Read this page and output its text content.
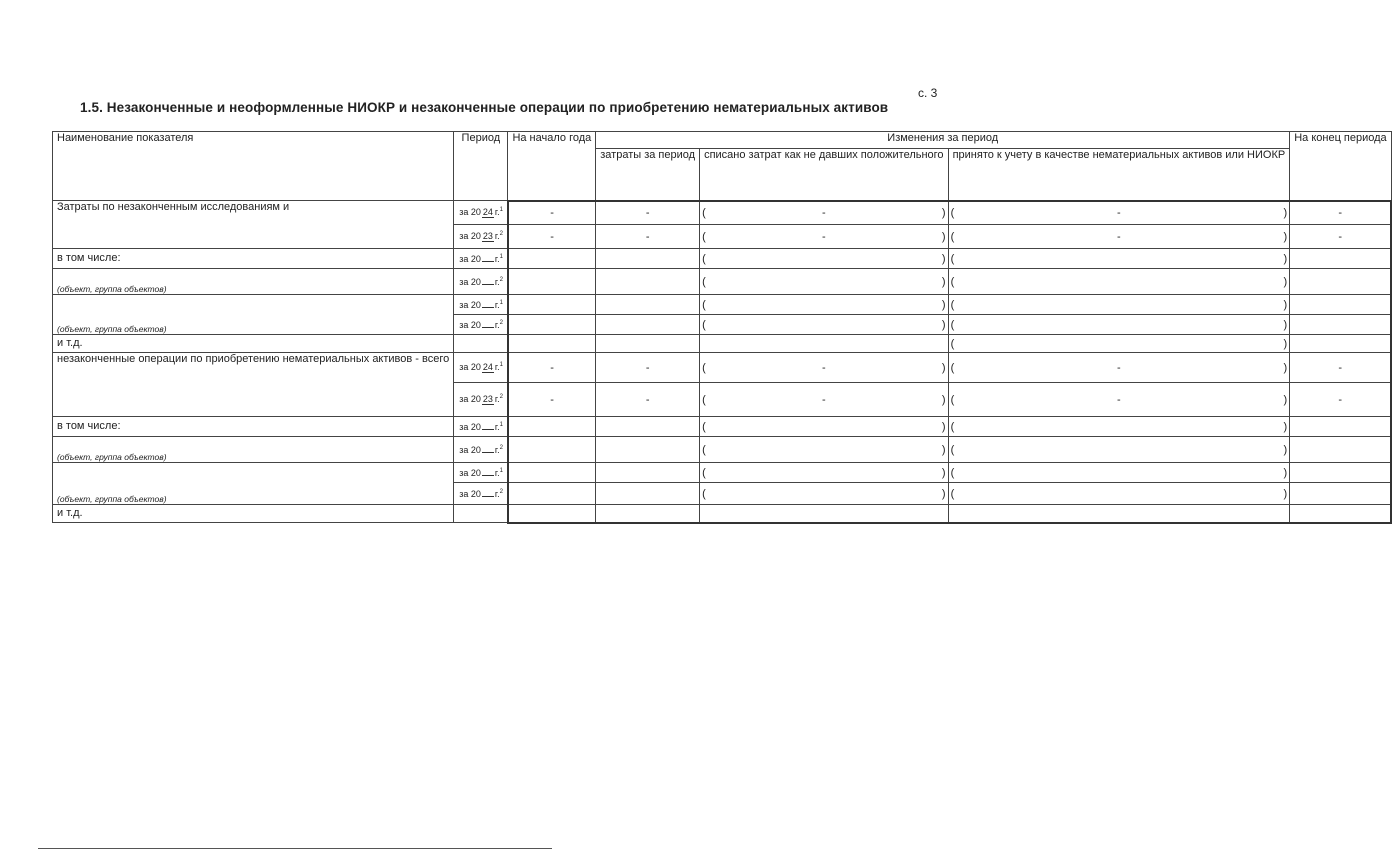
с. 3
1.5. Незаконченные и неоформленные НИОКР и незаконченные операции по приобретению нематериальных активов
Наименование показателя	Период	На начало года	Изменения за период			На конец периода
			затраты за период	списано затрат как не давших положительного	принято к учету в качестве нематериальных активов или НИОКР	
Затраты по незаконченным исследованиям и	за 20 24 г.$^1$	-	-	( - )	( - )	-
	за 20 23 г.$^2$	-	-	( - )	( - )	-
в том числе:	за 20 г.$^1$			( )	( )	

(объект, группа объектов)	за 20 г.$^2$			( )	( )	

(объект, группа объектов)	за 20 г.$^1$			( )	( )	

	за 20 г.$^2$			( )	( )	

и т.д.					( )	

незаконченные операции по приобретению нематериальных активов - всего	за 20 24 г.$^1$	-	-	( - )	( - )	-
	за 20 23 г.$^2$	-	-	( - )	( - )	-
в том числе:	за 20 г.$^1$			( )	( )	

(объект, группа объектов)	за 20 г.$^2$			( )	( )	

(объект, группа объектов)	за 20 г.$^1$			( )	( )	

	за 20 г.$^2$			( )	( )	

и т.д.						
